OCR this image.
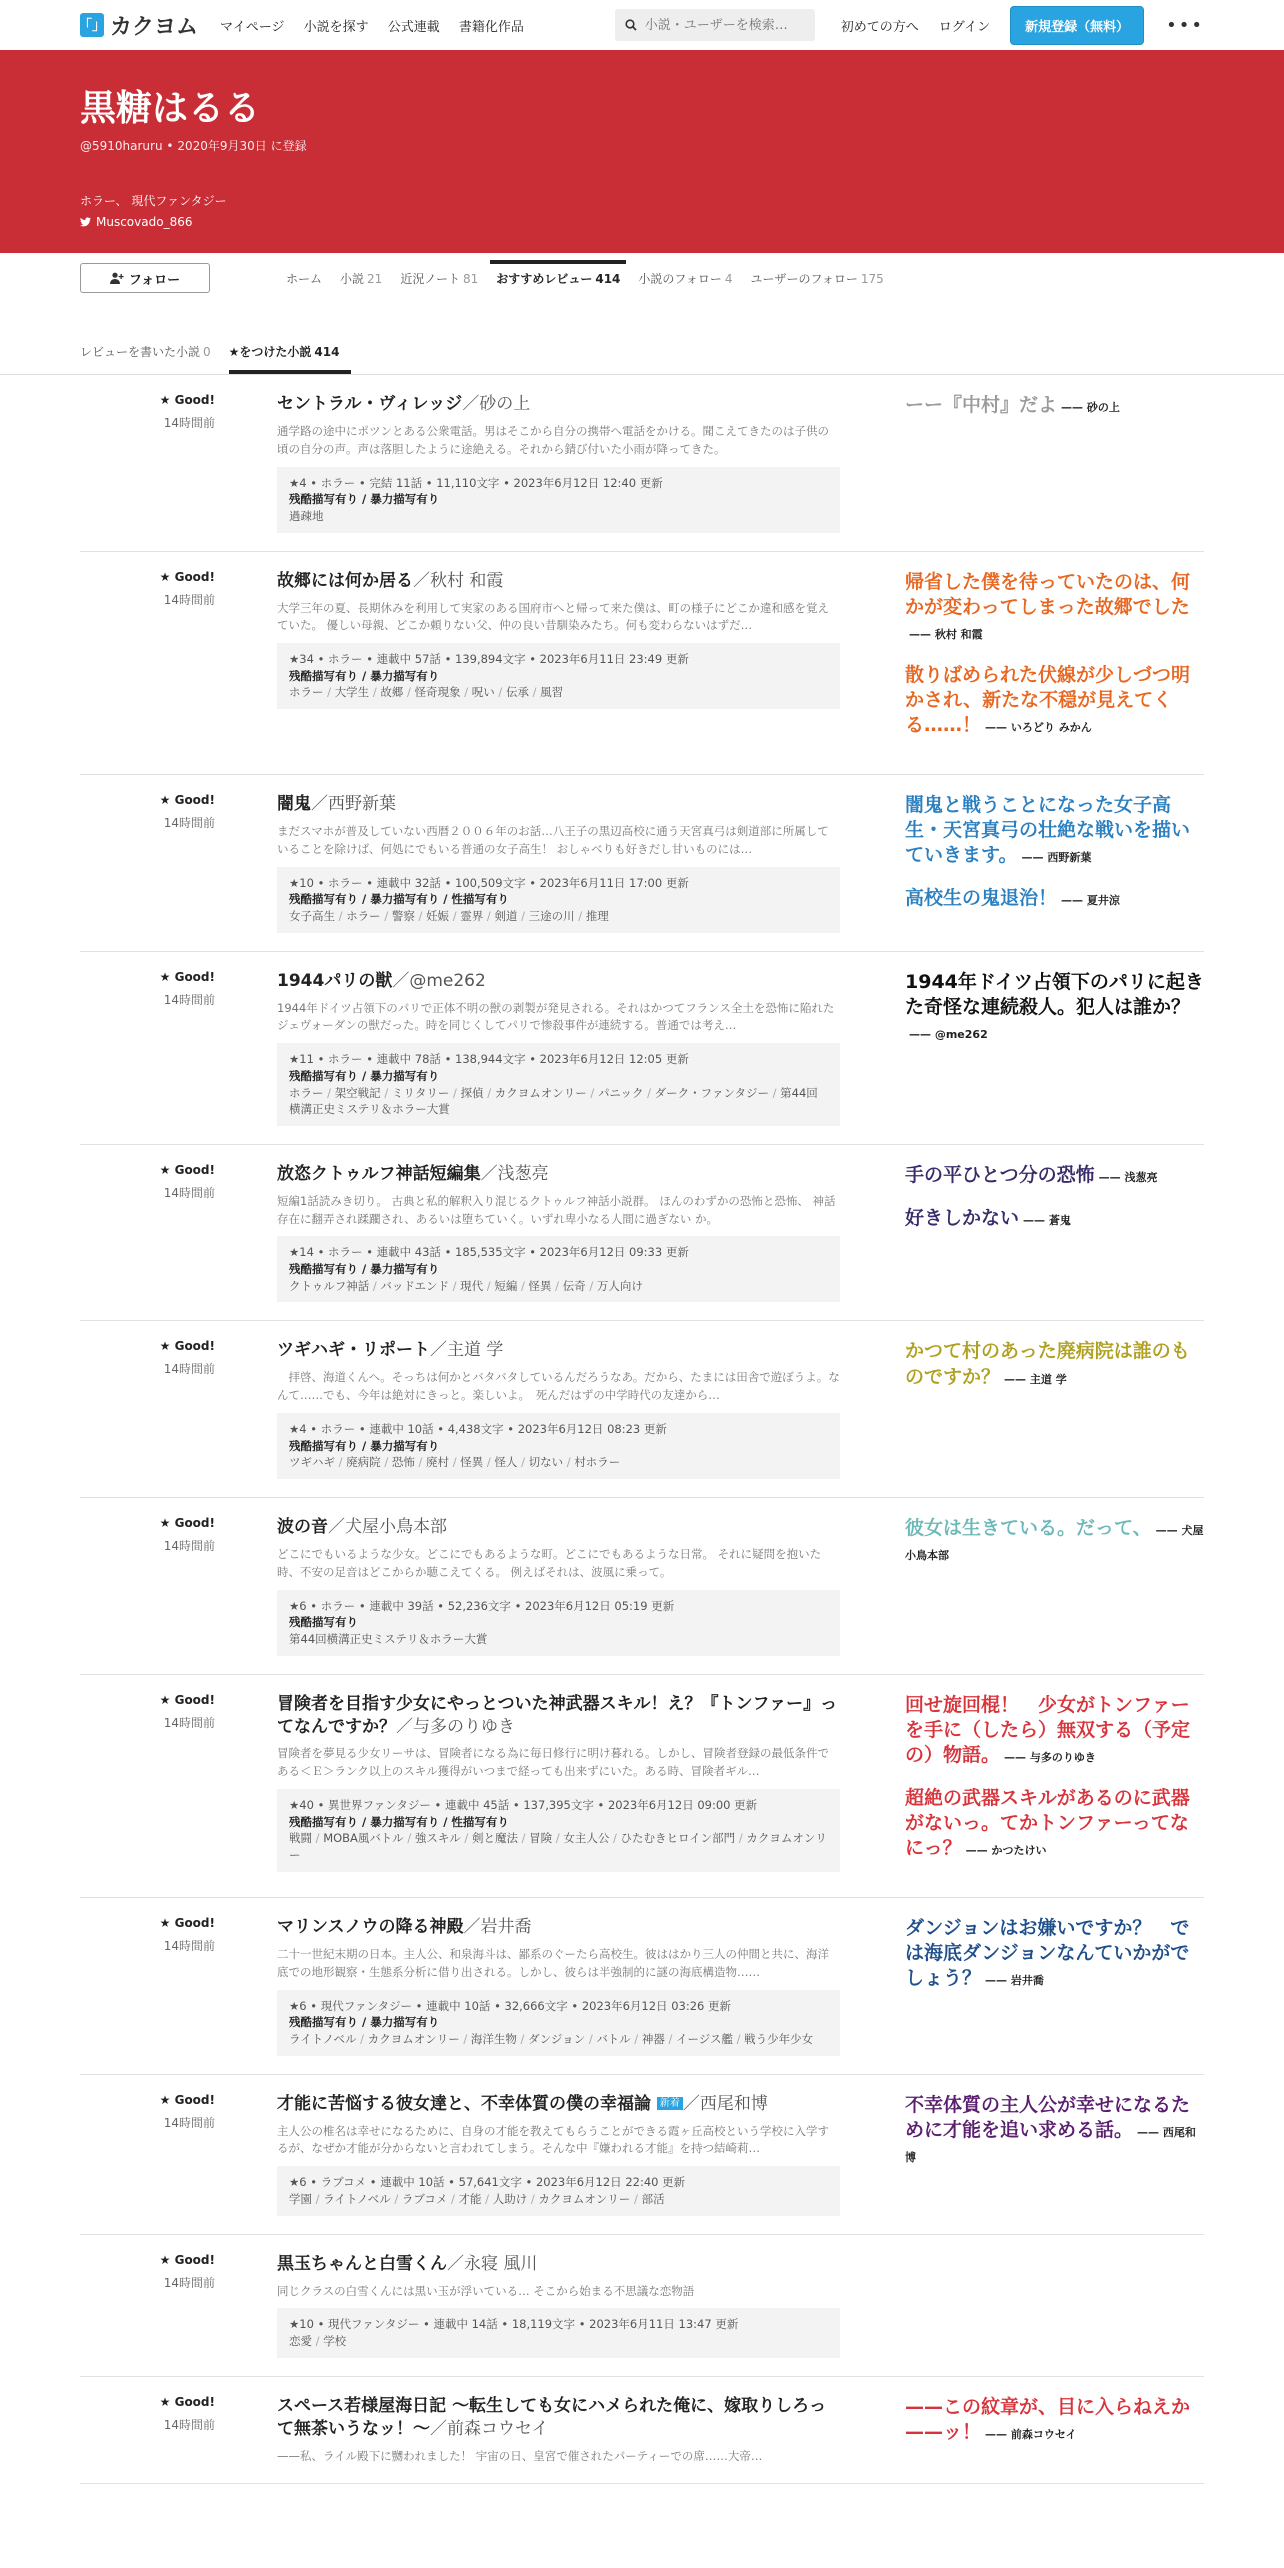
「」 カクヨム マイページ 小説を探す 公式連載 書籍化作品
小説・ユーザーを検索…	初めての方へ ログイン	新規登録（無料）	•••
黒糖はるる
@5910haruru • 2020年9月30日 に登録
ホラー、 現代ファンタジー
Muscovado_866
フォロー	ホーム	小説 21	近況ノート 81	おすすめレビュー 414	小説のフォロー 4	ユーザーのフォロー 175
レビューを書いた小説 0	★をつけた小説 414
★ Good!
14時間前
セントラル・ヴィレッジ／砂の上
通学路の途中にポツンとある公衆電話。男はそこから自分の携帯へ電話をかける。聞こえてきたのは子供の頃の自分の声。声は落胆したように途絶える。それから錆び付いた小雨が降ってきた。
★4 • ホラー • 完結 11話 • 11,110文字 • 2023年6月12日 12:40 更新
残酷描写有り / 暴力描写有り
過疎地
ーー『中村』だよ	—— 砂の上
★ Good!
14時間前
故郷には何か居る／秋村 和霞
大学三年の夏、長期休みを利用して実家のある国府市へと帰って来た僕は、町の様子にどこか違和感を覚えていた。 優しい母親、どこか頼りない父、仲の良い昔馴染みたち。何も変わらないはずだ…
★34 • ホラー • 連載中 57話 • 139,894文字 • 2023年6月11日 23:49 更新
残酷描写有り / 暴力描写有り
ホラー / 大学生 / 故郷 / 怪奇現象 / 呪い / 伝承 / 風習
帰省した僕を待っていたのは、何かが変わってしまった故郷でした—— 秋村 和霞
散りばめられた伏線が少しづつ明かされ、新たな不穏が見えてくる……！	—— いろどり みかん
★ Good!
14時間前
闇鬼／西野新葉
まだスマホが普及していない西暦２００６年のお話…八王子の黒辺高校に通う天宮真弓は剣道部に所属していることを除けば、何処にでもいる普通の女子高生！ おしゃべりも好きだし甘いものには…
★10 • ホラー • 連載中 32話 • 100,509文字 • 2023年6月11日 17:00 更新
残酷描写有り / 暴力描写有り / 性描写有り
女子高生 / ホラー / 警察 / 妊娠 / 霊界 / 剣道 / 三途の川 / 推理
闇鬼と戦うことになった女子高生・天宮真弓の壮絶な戦いを描いていきます。	—— 西野新葉
高校生の鬼退治！	—— 夏井涼
★ Good!
14時間前
1944パリの獣／@me262
1944年ドイツ占領下のパリで正体不明の獣の剥製が発見される。それはかつてフランス全土を恐怖に陥れたジェヴォーダンの獣だった。時を同じくしてパリで惨殺事件が連続する。普通では考え…
★11 • ホラー • 連載中 78話 • 138,944文字 • 2023年6月12日 12:05 更新
残酷描写有り / 暴力描写有り
ホラー / 架空戦記 / ミリタリー / 探偵 / カクヨムオンリー / パニック / ダーク・ファンタジー / 第44回横溝正史ミステリ＆ホラー大賞
1944年ドイツ占領下のパリに起きた奇怪な連続殺人。犯人は誰か？—— @me262
★ Good!
14時間前
放恣クトゥルフ神話短編集／浅葱亮
短編1話読みき切り。 古典と私的解釈入り混じるクトゥルフ神話小説群。 ほんのわずかの恐怖と恐怖、 神話存在に翻弄され蹂躙され、あるいは堕ちていく。いずれ卑小なる人間に過ぎない か。
★14 • ホラー • 連載中 43話 • 185,535文字 • 2023年6月12日 09:33 更新
残酷描写有り / 暴力描写有り
クトゥルフ神話 / バッドエンド / 現代 / 短編 / 怪異 / 伝奇 / 万人向け
手の平ひとつ分の恐怖	—— 浅葱亮
好きしかない	—— 蒼鬼
★ Good!
14時間前
ツギハギ・リポート／主道 学
　拝啓、海道くんへ。そっちは何かとバタバタしているんだろうなあ。だから、たまには田舎で遊ぼうよ。なんて……でも、今年は絶対にきっと。楽しいよ。　死んだはずの中学時代の友達から…
★4 • ホラー • 連載中 10話 • 4,438文字 • 2023年6月12日 08:23 更新
残酷描写有り / 暴力描写有り
ツギハギ / 廃病院 / 恐怖 / 廃村 / 怪異 / 怪人 / 切ない / 村ホラー
かつて村のあった廃病院は誰のものですか？	—— 主道 学
★ Good!
14時間前
波の音／犬屋小鳥本部
どこにでもいるような少女。どこにでもあるような町。どこにでもあるような日常。 それに疑問を抱いた時、不安の足音はどこからか聴こえてくる。 例えばそれは、波風に乗って。
★6 • ホラー • 連載中 39話 • 52,236文字 • 2023年6月12日 05:19 更新
残酷描写有り
第44回横溝正史ミステリ＆ホラー大賞
彼女は生きている。だって、	—— 犬屋小鳥本部
★ Good!
14時間前
冒険者を目指す少女にやっとついた神武器スキル！え？『トンファー』ってなんですか？／与多のりゆき
冒険者を夢見る少女リーサは、冒険者になる為に毎日修行に明け暮れる。しかし、冒険者登録の最低条件である＜Ｅ＞ランク以上のスキル獲得がいつまで経っても出来ずにいた。ある時、冒険者ギル…
★40 • 異世界ファンタジー • 連載中 45話 • 137,395文字 • 2023年6月12日 09:00 更新
残酷描写有り / 暴力描写有り / 性描写有り
戦闘 / MOBA風バトル / 強スキル / 剣と魔法 / 冒険 / 女主人公 / ひたむきヒロイン部門 / カクヨムオンリー
回せ旋回棍！　少女がトンファーを手に（したら）無双する（予定の）物語。	—— 与多のりゆき
超絶の武器スキルがあるのに武器がないっ。てかトンファーってなにっ？	—— かつたけい
★ Good!
14時間前
マリンスノウの降る神殿／岩井喬
二十一世紀末期の日本。主人公、和泉海斗は、鄙系のぐーたら高校生。彼ははかり三人の仲間と共に、海洋底での地形観察・生態系分析に借り出される。しかし、彼らは半強制的に謎の海底構造物……
★6 • 現代ファンタジー • 連載中 10話 • 32,666文字 • 2023年6月12日 03:26 更新
残酷描写有り / 暴力描写有り
ライトノベル / カクヨムオンリー / 海洋生物 / ダンジョン / バトル / 神器 / イージス艦 / 戦う少年少女
ダンジョンはお嫌いですか？　では海底ダンジョンなんていかがでしょう？	—— 岩井喬
★ Good!
14時間前
才能に苦悩する彼女達と、不幸体質の僕の幸福論 新着 ／西尾和博
主人公の椎名は幸せになるために、自身の才能を教えてもらうことができる霞ヶ丘高校という学校に入学するが、なぜか才能が分からないと言われてしまう。そんな中『嫌われる才能』を持つ結崎莉…
★6 • ラブコメ • 連載中 10話 • 57,641文字 • 2023年6月12日 22:40 更新
学園 / ライトノベル / ラブコメ / 才能 / 人助け / カクヨムオンリー / 部活
不幸体質の主人公が幸せになるために才能を追い求める話。	—— 西尾和博
★ Good!
14時間前
黒玉ちゃんと白雪くん／永寝 風川
同じクラスの白雪くんには黒い玉が浮いている… そこから始まる不思議な恋物語
★10 • 現代ファンタジー • 連載中 14話 • 18,119文字 • 2023年6月11日 13:47 更新
恋愛 / 学校
★ Good!
14時間前
スペース若様屋海日記 ～転生しても女にハメられた俺に、嫁取りしろって無茶いうなッ！～／前森コウセイ
——私、ライル殿下に嬲われました！ 宇宙の日、皇宮で催されたパーティーでの席……大帝…
——この紋章が、目に入らねえか——ッ！	—— 前森コウセイ
